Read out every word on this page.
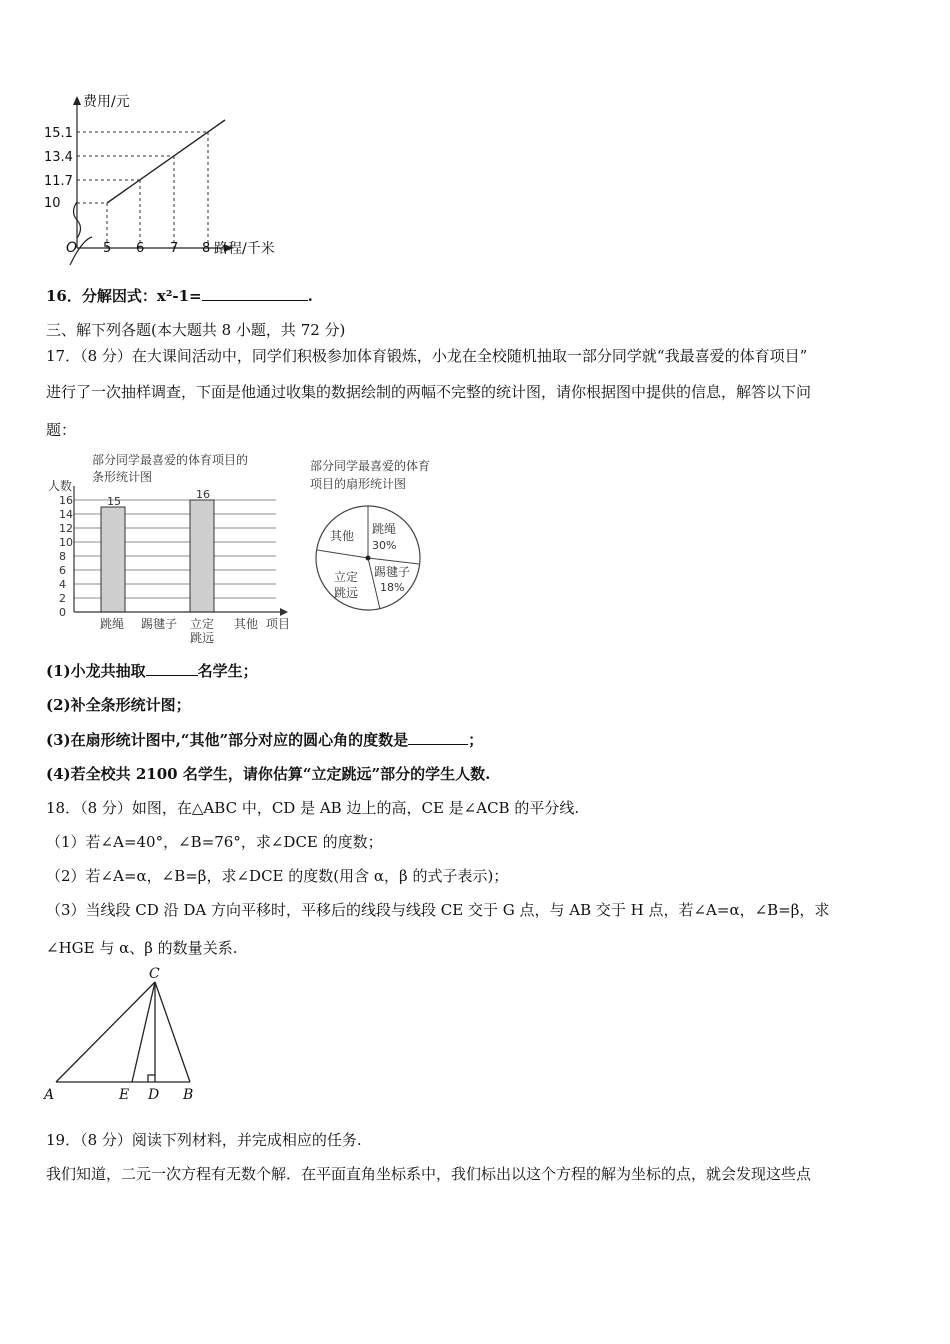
费用/元
路程/千米
O
15.1
13.4
11.7
10
5 6 7 8
16．分解因式：x²-1=	.
三、解下列各题(本大题共 8 小题，共 72 分)
17．（8 分）在大课间活动中，同学们积极参加体育锻炼，小龙在全校随机抽取一部分同学就“我最喜爱的体育项目”
进行了一次抽样调查，下面是他通过收集的数据绘制的两幅不完整的统计图，请你根据图中提供的信息，解答以下问
题：
部分同学最喜爱的体育项目的
条形统计图
人数
0
2
4
6
8
10
12
14
16	15
16
项目
跳绳 踢毽子 立定
跳远
其他
部分同学最喜爱的体育
项目的扇形统计图
跳绳
30%
踢毽子
18%
立定
跳远
其他
(1)小龙共抽取	名学生；
(2)补全条形统计图；
(3)在扇形统计图中,“其他”部分对应的圆心角的度数是	；
(4)若全校共 2100 名学生，请你估算“立定跳远”部分的学生人数.
18．（8 分）如图，在△ABC 中，CD 是 AB 边上的高，CE 是∠ACB 的平分线.
（1）若∠A=40°，∠B=76°，求∠DCE 的度数；
（2）若∠A=α，∠B=β，求∠DCE 的度数(用含 α，β 的式子表示)；
（3）当线段 CD 沿 DA 方向平移时，平移后的线段与线段 CE 交于 G 点，与 AB 交于 H 点，若∠A=α，∠B=β，求
∠HGE 与 α、β 的数量关系.
C
A	E D B
19．（8 分）阅读下列材料，并完成相应的任务.
我们知道，二元一次方程有无数个解．在平面直角坐标系中，我们标出以这个方程的解为坐标的点，就会发现这些点
